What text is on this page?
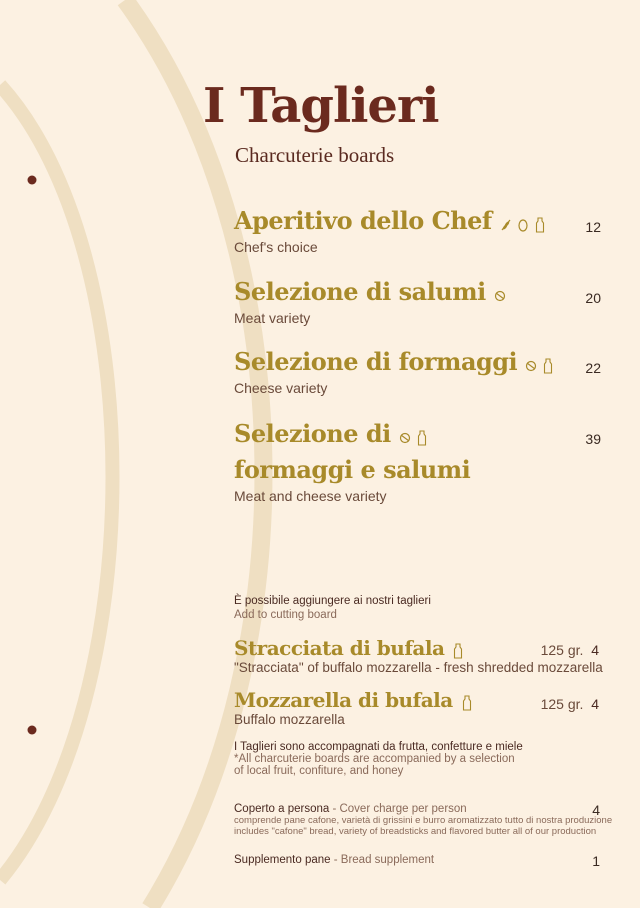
I Taglieri
Charcuterie boards
Aperitivo dello Chef
Chef's choice
12
Selezione di salumi
Meat variety
20
Selezione di formaggi
Cheese variety
22
Selezione di
formaggi e salumi
Meat and cheese variety
39
È possibile aggiungere ai nostri taglieri
Add to cutting board
Stracciata di bufala	125 gr. 4
"Stracciata" of buffalo mozzarella - fresh shredded mozzarella
Mozzarella di bufala	125 gr. 4
Buffalo mozzarella
I Taglieri sono accompagnati da frutta, confetture e miele
*All charcuterie boards are accompanied by a selection
of local fruit, confiture, and honey
Coperto a persona - Cover charge per person
comprende pane cafone, varietà di grissini e burro aromatizzato tutto di nostra produzione
includes "cafone" bread, variety of breadsticks and flavored butter all of our production
4
Supplemento pane - Bread supplement	1
